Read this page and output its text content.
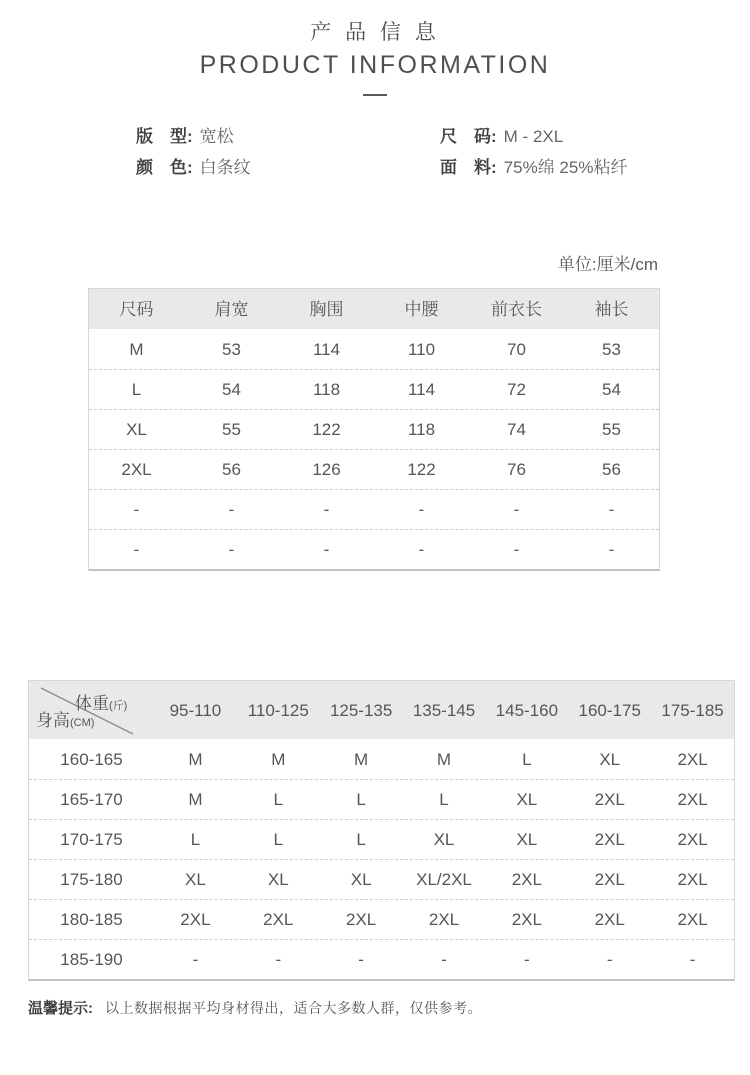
产 品 信 息
PRODUCT INFORMATION
版　型: 宽松
颜　色: 白条纹
尺　码: M - 2XL
面　料: 75%绵 25%粘纤
单位:厘米/cm
尺码	肩宽	胸围	中腰	前衣长	袖长
M	53	114	110	70	53
L	54	118	114	72	54
XL	55	122	118	74	55
2XL	56	126	122	76	56
-	-	-	-	-	-
-	-	-	-	-	-
体重(斤)
身高(CM)
95-110	110-125	125-135	135-145	145-160	160-175	175-185
160-165	M	M	M	M	L	XL	2XL
165-170	M	L	L	L	XL	2XL	2XL
170-175	L	L	L	XL	XL	2XL	2XL
175-180	XL	XL	XL	XL/2XL	2XL	2XL	2XL
180-185	2XL	2XL	2XL	2XL	2XL	2XL	2XL
185-190	-	-	-	-	-	-	-
温馨提示: 以上数据根据平均身材得出，适合大多数人群，仅供参考。
